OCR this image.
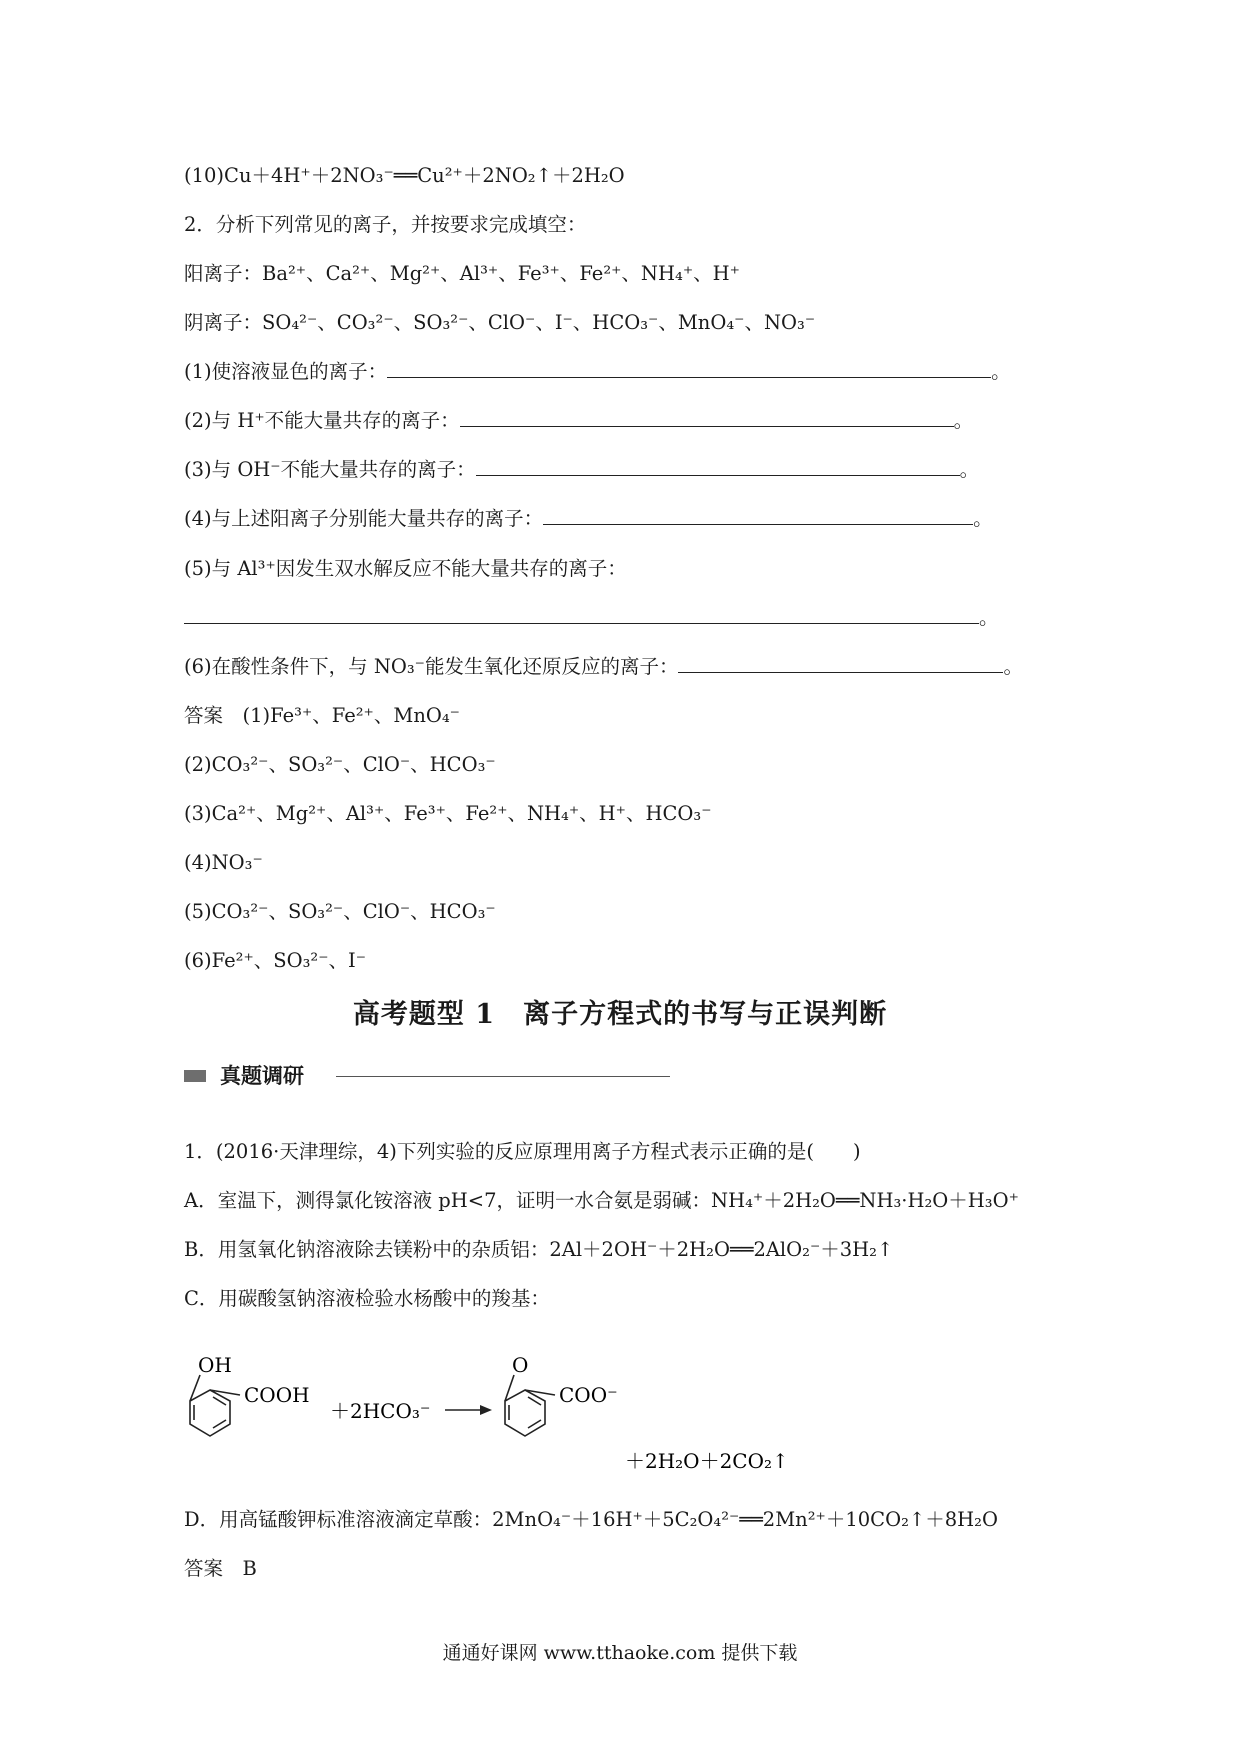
(10)Cu＋4H⁺＋2NO₃⁻══Cu²⁺＋2NO₂↑＋2H₂O
2．分析下列常见的离子，并按要求完成填空：
阳离子：Ba²⁺、Ca²⁺、Mg²⁺、Al³⁺、Fe³⁺、Fe²⁺、NH₄⁺、H⁺
阴离子：SO₄²⁻、CO₃²⁻、SO₃²⁻、ClO⁻、I⁻、HCO₃⁻、MnO₄⁻、NO₃⁻
(1)使溶液显色的离子：	。
(2)与 H⁺不能大量共存的离子：	。
(3)与 OH⁻不能大量共存的离子：	。
(4)与上述阳离子分别能大量共存的离子：	。
(5)与 Al³⁺因发生双水解反应不能大量共存的离子：
。
(6)在酸性条件下，与 NO₃⁻能发生氧化还原反应的离子：	。
答案　(1)Fe³⁺、Fe²⁺、MnO₄⁻
(2)CO₃²⁻、SO₃²⁻、ClO⁻、HCO₃⁻
(3)Ca²⁺、Mg²⁺、Al³⁺、Fe³⁺、Fe²⁺、NH₄⁺、H⁺、HCO₃⁻
(4)NO₃⁻
(5)CO₃²⁻、SO₃²⁻、ClO⁻、HCO₃⁻
(6)Fe²⁺、SO₃²⁻、I⁻
高考题型 1　离子方程式的书写与正误判断
真题调研
1．(2016·天津理综，4)下列实验的反应原理用离子方程式表示正确的是(　　)
A．室温下，测得氯化铵溶液 pH<7，证明一水合氨是弱碱：NH₄⁺＋2H₂O══NH₃·H₂O＋H₃O⁺
B．用氢氧化钠溶液除去镁粉中的杂质铝：2Al＋2OH⁻＋2H₂O══2AlO₂⁻＋3H₂↑
C．用碳酸氢钠溶液检验水杨酸中的羧基：
OH
COOH
＋2HCO₃⁻
O
COO⁻
＋2H₂O＋2CO₂↑
D．用高锰酸钾标准溶液滴定草酸：2MnO₄⁻＋16H⁺＋5C₂O₄²⁻══2Mn²⁺＋10CO₂↑＋8H₂O
答案　B
通通好课网 www.tthaoke.com 提供下载
